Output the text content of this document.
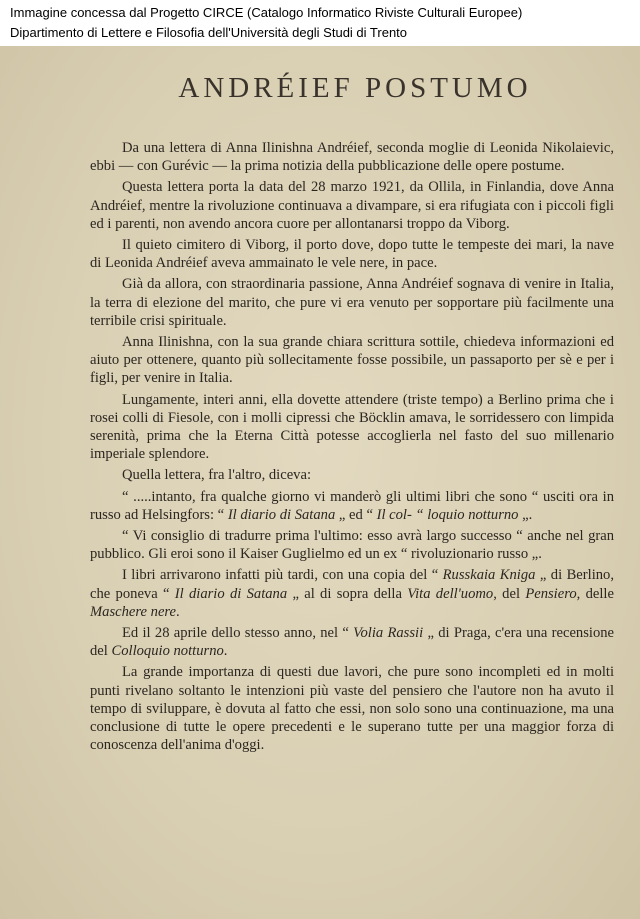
Immagine concessa dal Progetto CIRCE (Catalogo Informatico Riviste Culturali Europee)
Dipartimento di Lettere e Filosofia dell'Università degli Studi di Trento
ANDRÉIEF POSTUMO

Da una lettera di Anna Ilinishna Andréief, seconda moglie di Leonida Nikolaievic, ebbi — con Gurévic — la prima notizia della pubblicazione delle opere postume.

Questa lettera porta la data del 28 marzo 1921, da Ollila, in Finlandia, dove Anna Andréief, mentre la rivoluzione continuava a divampare, si era rifugiata con i piccoli figli ed i parenti, non avendo ancora cuore per allontanarsi troppo da Viborg.

Il quieto cimitero di Viborg, il porto dove, dopo tutte le tempeste dei mari, la nave di Leonida Andréief aveva ammainato le vele nere, in pace.

Già da allora, con straordinaria passione, Anna Andréief sognava di venire in Italia, la terra di elezione del marito, che pure vi era venuto per sopportare più facilmente una terribile crisi spirituale.

Anna Ilinishna, con la sua grande chiara scrittura sottile, chiedeva informazioni ed aiuto per ottenere, quanto più sollecitamente fosse possibile, un passaporto per sè e per i figli, per venire in Italia.

Lungamente, interi anni, ella dovette attendere (triste tempo) a Berlino prima che i rosei colli di Fiesole, con i molli cipressi che Böcklin amava, le sorridessero con limpida serenità, prima che la Eterna Città potesse accoglierla nel fasto del suo millenario imperiale splendore.

Quella lettera, fra l'altro, diceva:

“ .....intanto, fra qualche giorno vi manderò gli ultimi libri che sono “ usciti ora in russo ad Helsingfors: “ Il diario di Satana „ ed “ Il col- “ loquio notturno „.

“ Vi consiglio di tradurre prima l'ultimo: esso avrà largo successo “ anche nel gran pubblico. Gli eroi sono il Kaiser Guglielmo ed un ex “ rivoluzionario russo „.

I libri arrivarono infatti più tardi, con una copia del “ Russkaia Kniga „ di Berlino, che poneva “ Il diario di Satana „ al di sopra della Vita dell'uomo, del Pensiero, delle Maschere nere.

Ed il 28 aprile dello stesso anno, nel “ Volia Rassii „ di Praga, c'era una recensione del Colloquio notturno.

La grande importanza di questi due lavori, che pure sono incompleti ed in molti punti rivelano soltanto le intenzioni più vaste del pensiero che l'autore non ha avuto il tempo di sviluppare, è dovuta al fatto che essi, non solo sono una continuazione, ma una conclusione di tutte le opere precedenti e le superano tutte per una maggior forza di conoscenza dell'anima d'oggi.
